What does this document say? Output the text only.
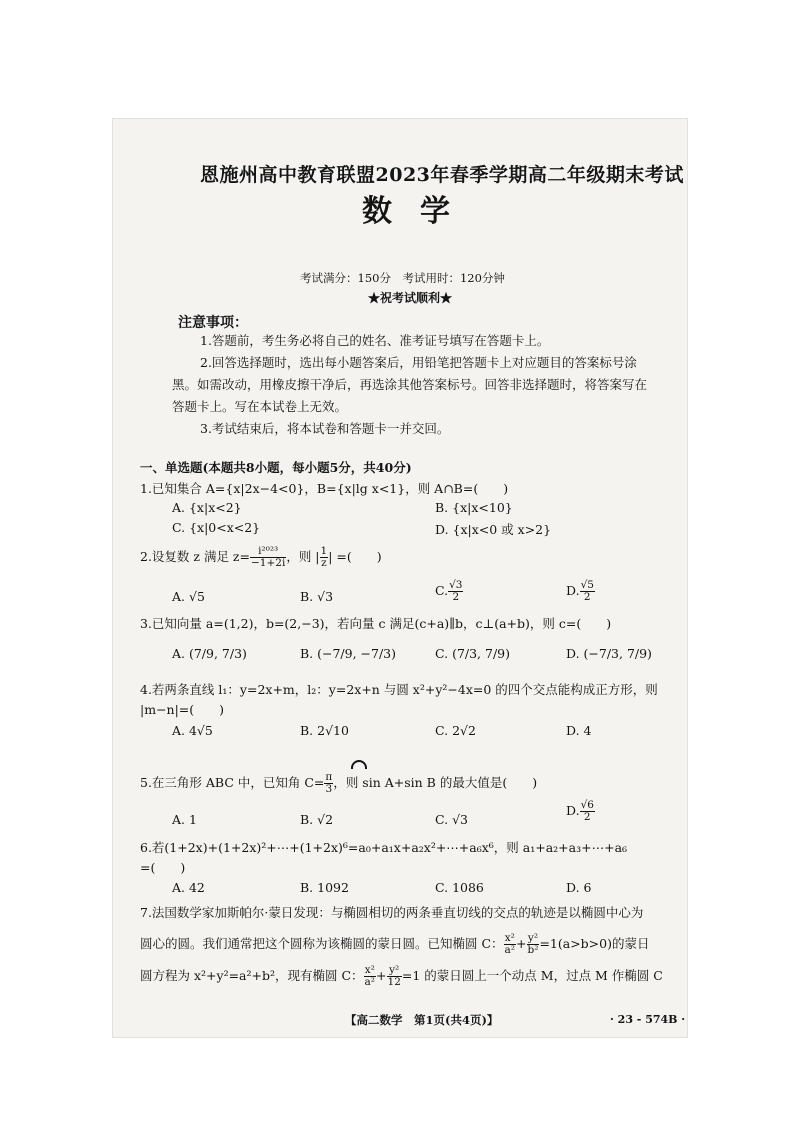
恩施州高中教育联盟2023年春季学期高二年级期末考试
数学
考试满分：150分　考试用时：120分钟
★祝考试顺利★
注意事项：
1.答题前，考生务必将自己的姓名、准考证号填写在答题卡上。
2.回答选择题时，选出每小题答案后，用铅笔把答题卡上对应题目的答案标号涂
黑。如需改动，用橡皮擦干净后，再选涂其他答案标号。回答非选择题时，将答案写在
答题卡上。写在本试卷上无效。
3.考试结束后，将本试卷和答题卡一并交回。
一、单选题(本题共8小题，每小题5分，共40分)
1.已知集合 A={x|2x−4<0}，B={x|lg x<1}，则 A∩B=(　　)
A. {x|x<2}	B. {x|x<10}
C. {x|0<x<2}	D. {x|x<0 或 x>2}
2.设复数 z 满足 $z= \frac{\text{i²⁰²³}}{-1+2i}$ ，则 | $\frac{1}{z}$ | =(　　)
A. √5	B. √3	C. $\frac{√3}{2}$	D. $\frac{√5}{2}$
3.已知向量 a=(1,2)，b=(2,−3)，若向量 c 满足(c+a)∥b，c⊥(a+b)，则 c=(　　)
A. (7/9, 7/3)	B. (−7/9, −7/3)	C. (7/3, 7/9)	D. (−7/3, 7/9)
4.若两条直线 l₁：y=2x+m，l₂：y=2x+n 与圆 x²+y²−4x=0 的四个交点能构成正方形，则
|m−n|=(　　)
A. 4√5	B. 2√10	C. 2√2	D. 4
5.在三角形 ABC 中，已知角 $C= \frac{\pi}{3}$ ，则 sin A+sin B 的最大值是(　　)
A. 1	B. √2	C. √3
D. $\frac{√6}{2}$
6.若(1+2x)+(1+2x)²+⋯+(1+2x)⁶=a₀+a₁x+a₂x²+⋯+a₆x⁶，则 a₁+a₂+a₃+⋯+a₆
=(　　)
A. 42	B. 1092	C. 1086	D. 6
7.法国数学家加斯帕尔·蒙日发现：与椭圆相切的两条垂直切线的交点的轨迹是以椭圆中心为
圆心的圆。我们通常把这个圆称为该椭圆的蒙日圆。已知椭圆 C： $\frac{\text{x²}}{\text{a²}} + \frac{\text{y²}}{\text{b²}} =1(a>b>0)$的蒙日
圆方程为 x²+y²=a²+b²，现有椭圆 C： $\frac{\text{x²}}{\text{a²}} + \frac{\text{y²}}{12} =1$ 的蒙日圆上一个动点 M，过点 M 作椭圆 C
【高二数学　第1页(共4页)】	· 23 - 574B ·
